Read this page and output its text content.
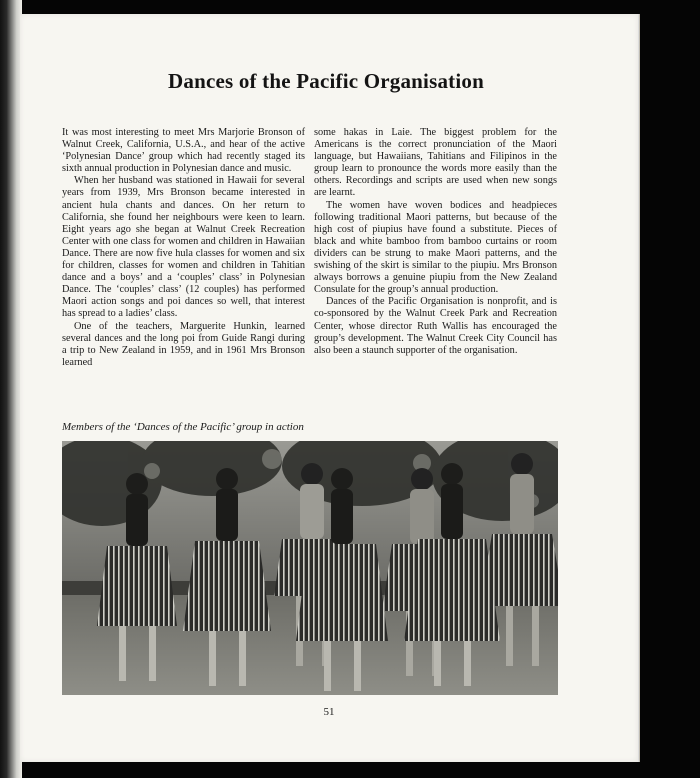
Dances of the Pacific Organisation

It was most interesting to meet Mrs Marjorie Bronson of Walnut Creek, California, U.S.A., and hear of the active ‘Polynesian Dance’ group which had recently staged its sixth annual production in Polynesian dance and music.

When her husband was stationed in Hawaii for several years from 1939, Mrs Bronson became interested in ancient hula chants and dances. On her return to California, she found her neighbours were keen to learn. Eight years ago she began at Walnut Creek Recreation Center with one class for women and children in Hawaiian Dance. There are now five hula classes for women and six for children, classes for women and children in Tahitian dance and a boys’ and a ‘couples’ class’ in Polynesian Dance. The ‘couples’ class’ (12 couples) has performed Maori action songs and poi dances so well, that interest has spread to a ladies’ class.

One of the teachers, Marguerite Hunkin, learned several dances and the long poi from Guide Rangi during a trip to New Zealand in 1959, and in 1961 Mrs Bronson learned

some hakas in Laie. The biggest problem for the Americans is the correct pronunciation of the Maori language, but Hawaiians, Tahitians and Filipinos in the group learn to pronounce the words more easily than the others. Recordings and scripts are used when new songs are learnt.

The women have woven bodices and headpieces following traditional Maori patterns, but because of the high cost of piupius have found a substitute. Pieces of black and white bamboo from bamboo curtains or room dividers can be strung to make Maori patterns, and the swishing of the skirt is similar to the piupiu. Mrs Bronson always borrows a genuine piupiu from the New Zealand Consulate for the group’s annual production.

Dances of the Pacific Organisation is nonprofit, and is co-sponsored by the Walnut Creek Park and Recreation Center, whose director Ruth Wallis has encouraged the group’s development. The Walnut Creek City Council has also been a staunch supporter of the organisation.

Members of the ‘Dances of the Pacific’ group in action
51
